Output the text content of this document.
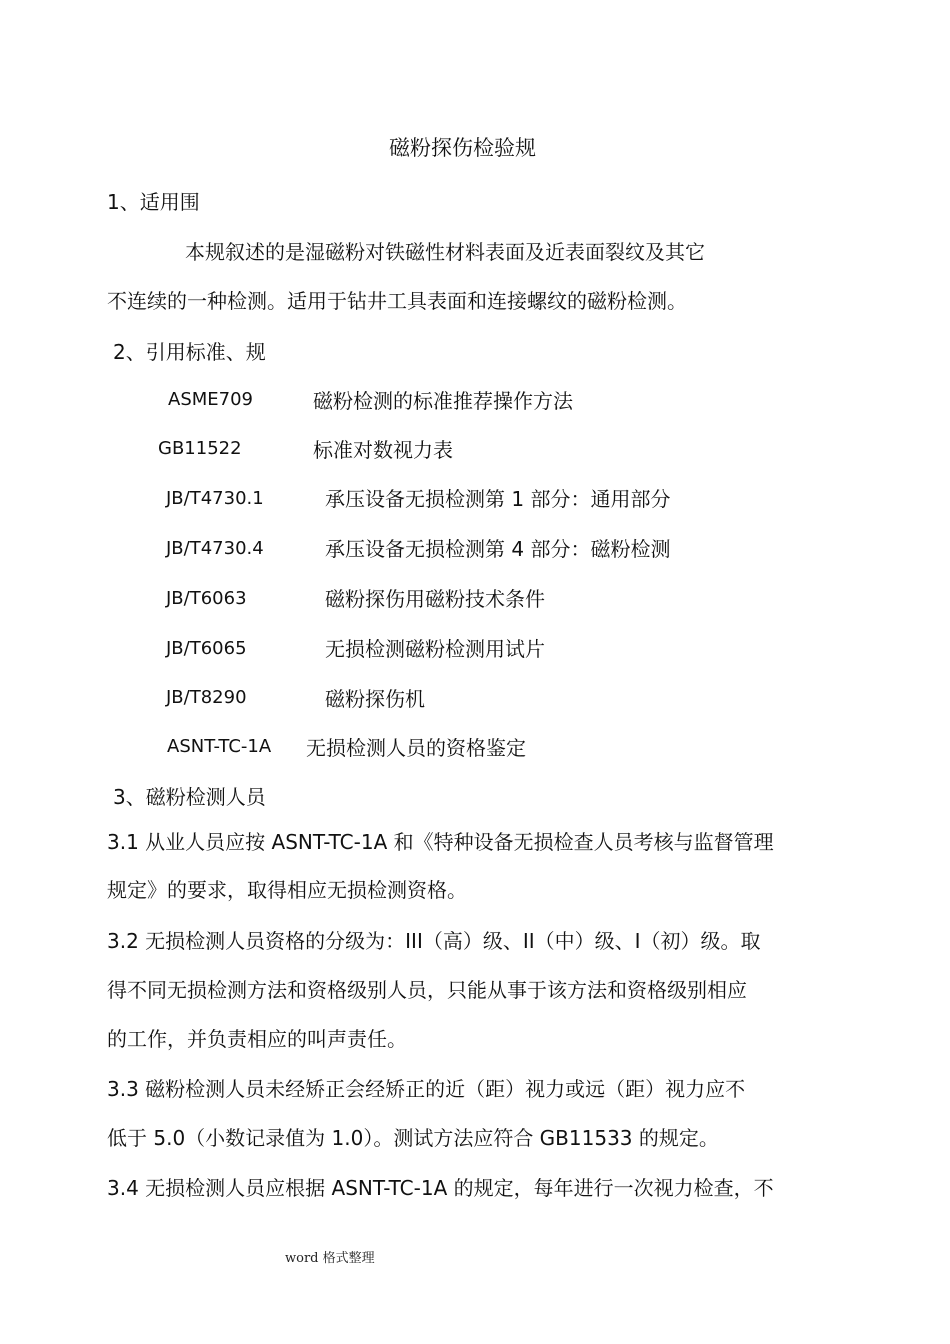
磁粉探伤检验规
1、适用围
本规叙述的是湿磁粉对铁磁性材料表面及近表面裂纹及其它
不连续的一种检测。适用于钻井工具表面和连接螺纹的磁粉检测。
2、引用标准、规
ASME709	磁粉检测的标准推荐操作方法
GB11522	标准对数视力表
JB/T4730.1	承压设备无损检测第 1 部分：通用部分
JB/T4730.4	承压设备无损检测第 4 部分：磁粉检测
JB/T6063	磁粉探伤用磁粉技术条件
JB/T6065	无损检测磁粉检测用试片
JB/T8290	磁粉探伤机
ASNT-TC-1A 无损检测人员的资格鉴定
3、磁粉检测人员
3.1 从业人员应按 ASNT-TC-1A 和《特种设备无损检查人员考核与监督管理
规定》的要求，取得相应无损检测资格。
3.2 无损检测人员资格的分级为：III（高）级、II（中）级、I（初）级。取
得不同无损检测方法和资格级别人员，只能从事于该方法和资格级别相应
的工作，并负责相应的叫声责任。
3.3 磁粉检测人员未经矫正会经矫正的近（距）视力或远（距）视力应不
低于 5.0（小数记录值为 1.0）。测试方法应符合 GB11533 的规定。
3.4 无损检测人员应根据 ASNT-TC-1A 的规定，每年进行一次视力检查，不
word 格式整理
